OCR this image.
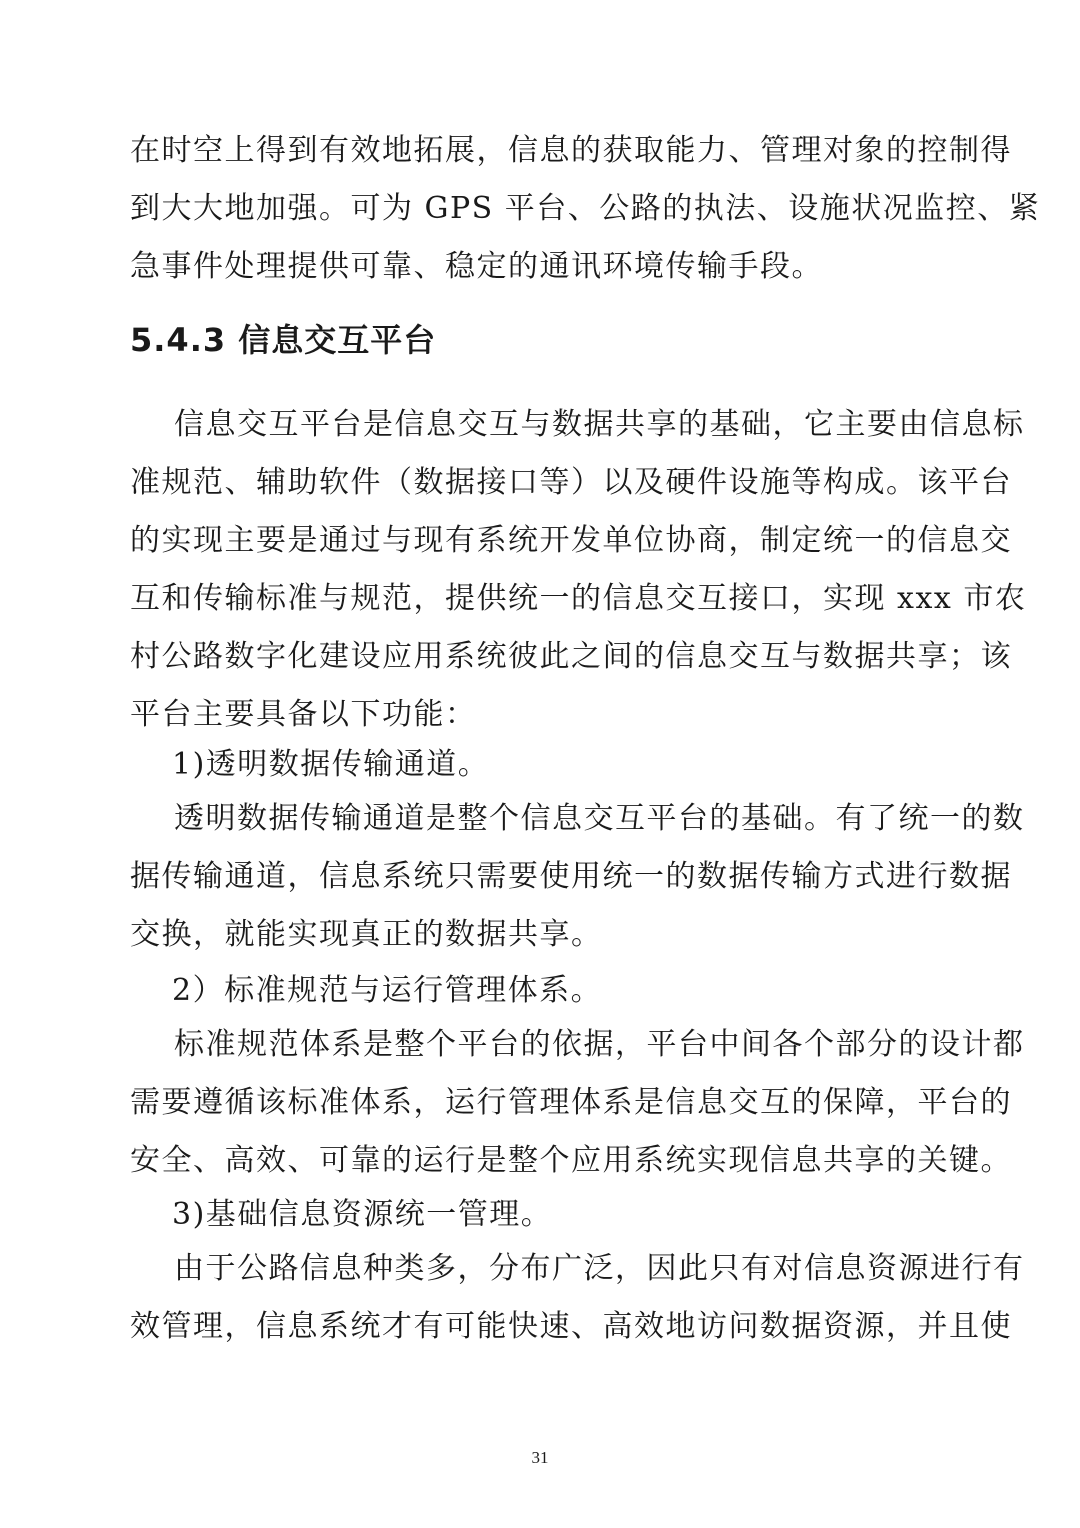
在时空上得到有效地拓展，信息的获取能力、管理对象的控制得
到大大地加强。可为 GPS 平台、公路的执法、设施状况监控、紧
急事件处理提供可靠、稳定的通讯环境传输手段。
5.4.3 信息交互平台
信息交互平台是信息交互与数据共享的基础，它主要由信息标
准规范、辅助软件（数据接口等）以及硬件设施等构成。该平台
的实现主要是通过与现有系统开发单位协商，制定统一的信息交
互和传输标准与规范，提供统一的信息交互接口，实现 xxx 市农
村公路数字化建设应用系统彼此之间的信息交互与数据共享；该
平台主要具备以下功能：
1)透明数据传输通道。
透明数据传输通道是整个信息交互平台的基础。有了统一的数
据传输通道，信息系统只需要使用统一的数据传输方式进行数据
交换，就能实现真正的数据共享。
2）标准规范与运行管理体系。
标准规范体系是整个平台的依据，平台中间各个部分的设计都
需要遵循该标准体系，运行管理体系是信息交互的保障，平台的
安全、高效、可靠的运行是整个应用系统实现信息共享的关键。
3)基础信息资源统一管理。
由于公路信息种类多，分布广泛，因此只有对信息资源进行有
效管理，信息系统才有可能快速、高效地访问数据资源，并且使
31
